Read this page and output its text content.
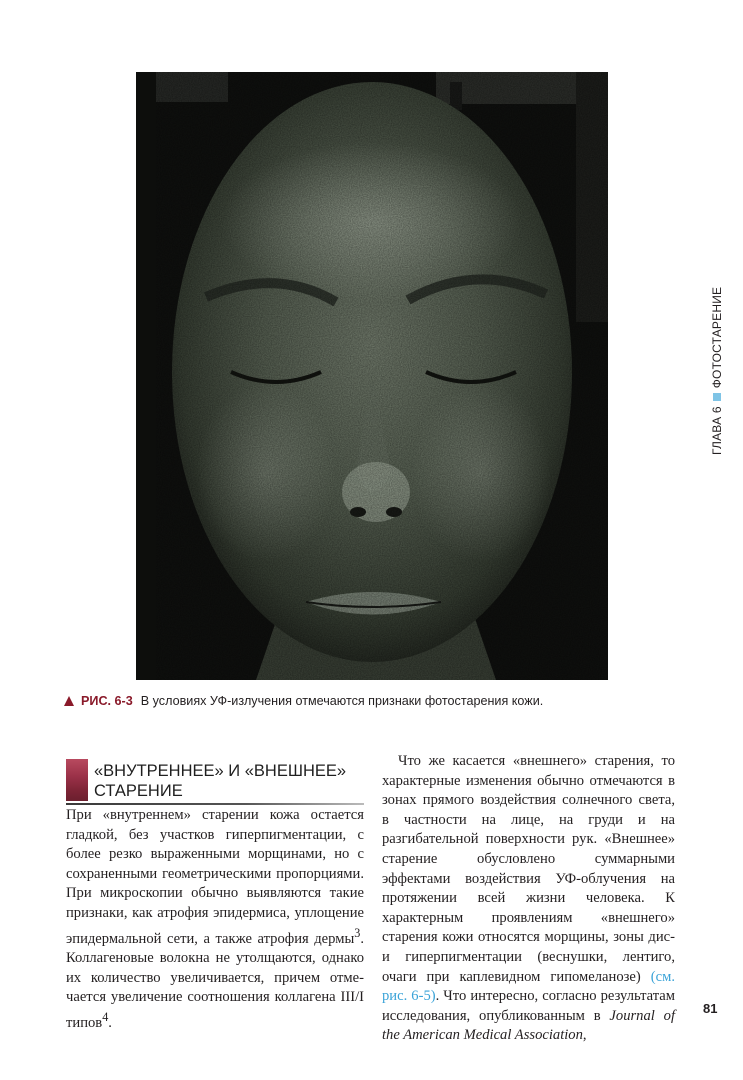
РИС. 6-3 В условиях УФ-излучения отмечаются признаки фотостарения кожи.
ГЛАВА 6ФОТОСТАРЕНИЕ
«ВНУТРЕННЕЕ» И «ВНЕШНЕЕ»
СТАРЕНИЕ

При «внутреннем» старении кожа остается гладкой, без участков гиперпигментации, с более резко выраженными морщинами, но с сохраненными геометрическими пропорциями. При микроскопии обычно выявляются такие признаки, как атрофия эпидермиса, уплощение эпидермальной сети, а также атрофия дермы$^3$. Коллагеновые волокна не утолщаются, однако их количество увеличивается, причем отмечается увеличение соотношения коллагена III/I типов$^4$.

Что же касается «внешнего» старения, то характерные изменения обычно отмечаются в зонах прямого воздействия солнечного света, в частности на лице, на груди и на разгибательной поверхности рук. «Внешнее» старение обусловлено суммарными эффектами воздействия УФ-облучения на протяжении всей жизни человека. К характерным проявлениям «внешнего» старения кожи относятся морщины, зоны дис- и гиперпигментации (веснушки, лентиго, очаги при каплевидном гипомеланозе) (см. рис. 6-5). Что интересно, согласно результатам исследования, опубликованным в Journal of the American Medical Association,

81
